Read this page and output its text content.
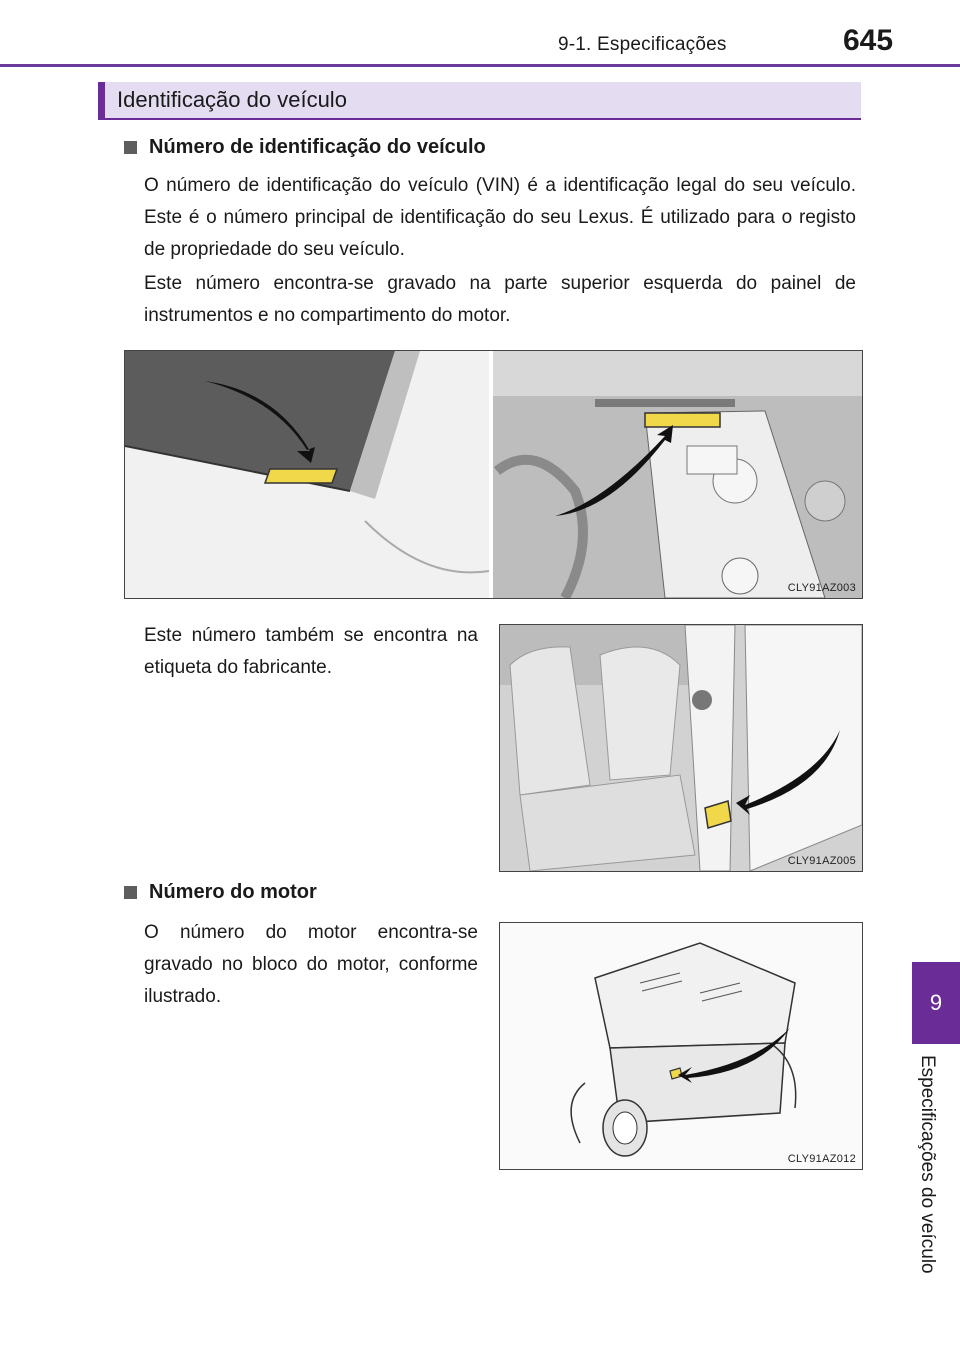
9-1. Especificações	645
9
Especificações do veículo
Identificação do veículo
Número de identificação do veículo

O número de identificação do veículo (VIN) é a identificação legal do seu veículo. Este é o número principal de identificação do seu Lexus. É utilizado para o registo de propriedade do seu veículo.

Este número encontra-se gravado na parte superior esquerda do painel de instrumentos e no compartimento do motor.

CLY91AZ003

Este número também se encontra na etiqueta do fabricante.

CLY91AZ005
Número do motor

O número do motor encontra-se gravado no bloco do motor, conforme ilustrado.

CLY91AZ012
